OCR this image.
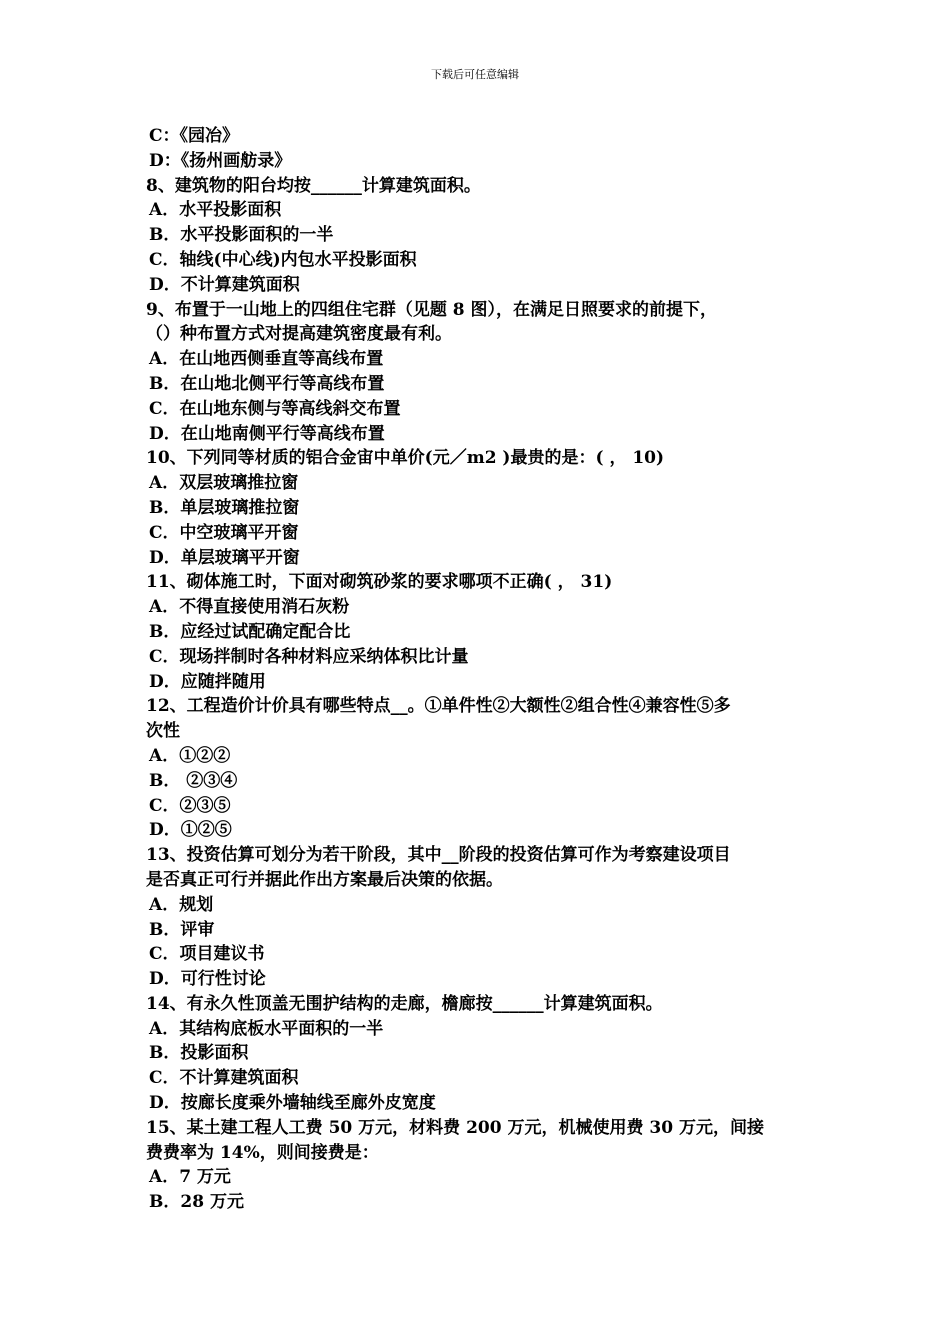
下载后可任意编辑
C：《园冶》
D：《扬州画舫录》
8、建筑物的阳台均按______计算建筑面积。
A．水平投影面积
B．水平投影面积的一半
C．轴线(中心线)内包水平投影面积
D．不计算建筑面积
9、布置于一山地上的四组住宅群（见题 8 图），在满足日照要求的前提下，
（）种布置方式对提高建筑密度最有利。
A．在山地西侧垂直等高线布置
B．在山地北侧平行等高线布置
C．在山地东侧与等高线斜交布置
D．在山地南侧平行等高线布置
10、下列同等材质的铝合金宙中单价(元／m2 )最贵的是：( ， 10)
A．双层玻璃推拉窗
B．单层玻璃推拉窗
C．中空玻璃平开窗
D．单层玻璃平开窗
11、砌体施工时，下面对砌筑砂浆的要求哪项不正确( ， 31)
A．不得直接使用消石灰粉
B．应经过试配确定配合比
C．现场拌制时各种材料应采纳体积比计量
D．应随拌随用
12、工程造价计价具有哪些特点__。①单件性②大额性②组合性④兼容性⑤多
次性
A．①②②
B． ②③④
C．②③⑤
D．①②⑤
13、投资估算可划分为若干阶段，其中__阶段的投资估算可作为考察建设项目
是否真正可行并据此作出方案最后决策的依据。
A．规划
B．评审
C．项目建议书
D．可行性讨论
14、有永久性顶盖无围护结构的走廊，檐廊按______计算建筑面积。
A．其结构底板水平面积的一半
B．投影面积
C．不计算建筑面积
D．按廊长度乘外墙轴线至廊外皮宽度
15、某土建工程人工费 50 万元，材料费 200 万元，机械使用费 30 万元，间接
费费率为 14%，则间接费是：
A．7 万元
B．28 万元
